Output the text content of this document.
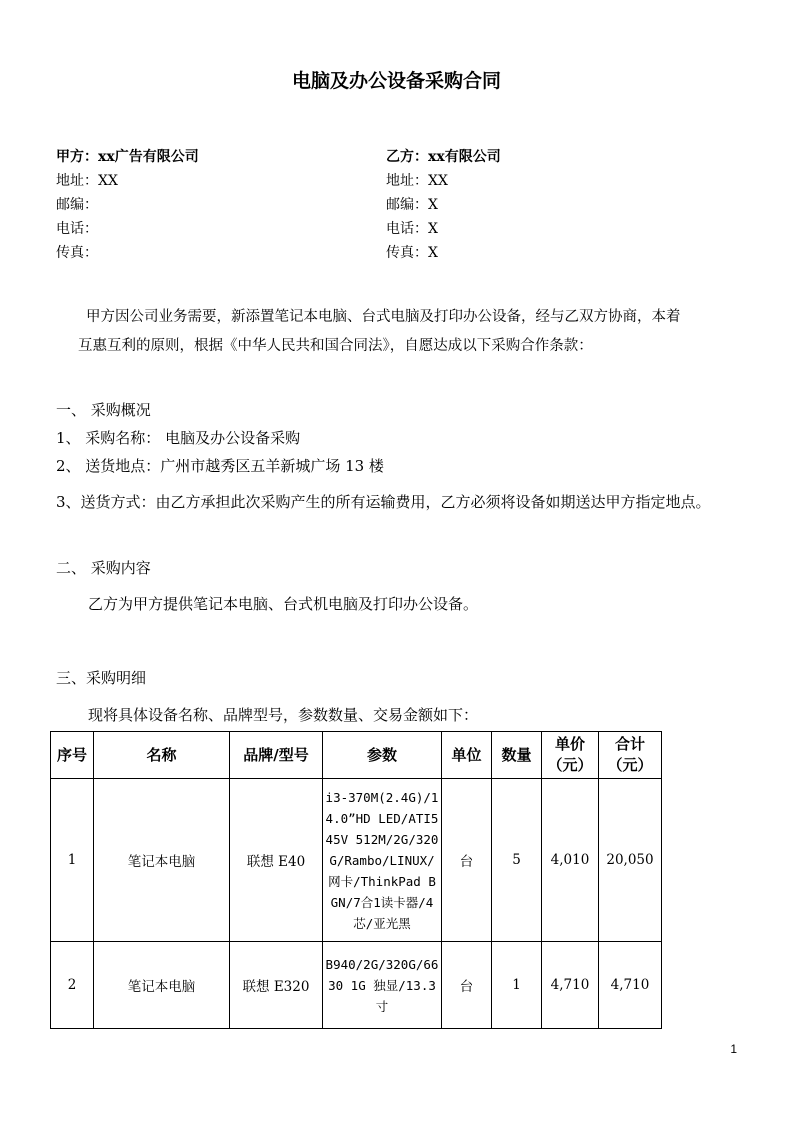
电脑及办公设备采购合同
甲方：xx广告有限公司
地址：XX
邮编：
电话：
传真：
乙方：xx有限公司
地址：XX
邮编：X
电话：X
传真：X
甲方因公司业务需要，新添置笔记本电脑、台式电脑及打印办公设备，经与乙双方协商，本着
互惠互利的原则，根据《中华人民共和国合同法》，自愿达成以下采购合作条款：
一、 采购概况
1、 采购名称： 电脑及办公设备采购
2、 送货地点：广州市越秀区五羊新城广场 13 楼
3、送货方式：由乙方承担此次采购产生的所有运输费用，乙方必须将设备如期送达甲方指定地点。
二、 采购内容
乙方为甲方提供笔记本电脑、台式机电脑及打印办公设备。
三、采购明细
现将具体设备名称、品牌型号，参数数量、交易金额如下：
序号	名称	品牌/型号	参数	单位	数量	单价（元）	合计（元）
1	笔记本电脑	联想 E40	i3-370M(2.4G)/14.0”HD LED/ATI545V 512M/2G/320G/Rambo/LINUX/网卡/ThinkPad BGN/7合1读卡器/4芯/亚光黑	台	5	4,010	20,050
2	笔记本电脑	联想 E320	B940/2G/320G/6630 1G 独显/13.3寸	台	1	4,710	4,710
1
